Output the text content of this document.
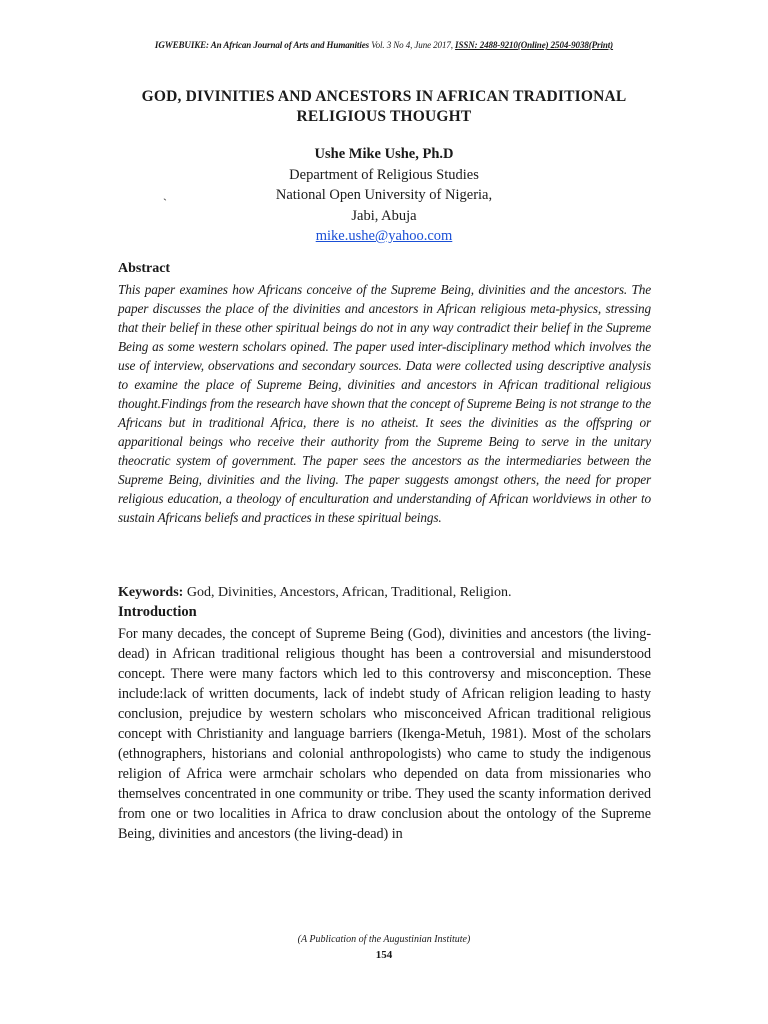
IGWEBUIKE: An African Journal of Arts and Humanities Vol. 3 No 4, June 2017, ISSN: 2488-9210(Online) 2504-9038(Print)
GOD, DIVINITIES AND ANCESTORS IN AFRICAN TRADITIONAL RELIGIOUS THOUGHT
`
Ushe Mike Ushe, Ph.D
Department of Religious Studies
National Open University of Nigeria,
Jabi, Abuja
mike.ushe@yahoo.com
Abstract
This paper examines how Africans conceive of the Supreme Being, divinities and the ancestors. The paper discusses the place of the divinities and ancestors in African religious meta-physics, stressing that their belief in these other spiritual beings do not in any way contradict their belief in the Supreme Being as some western scholars opined. The paper used inter-disciplinary method which involves the use of interview, observations and secondary sources. Data were collected using descriptive analysis to examine the place of Supreme Being, divinities and ancestors in African traditional religious thought.Findings from the research have shown that the concept of Supreme Being is not strange to the Africans but in traditional Africa, there is no atheist. It sees the divinities as the offspring or apparitional beings who receive their authority from the Supreme Being to serve in the unitary theocratic system of government. The paper sees the ancestors as the intermediaries between the Supreme Being, divinities and the living. The paper suggests amongst others, the need for proper religious education, a theology of enculturation and understanding of African worldviews in other to sustain Africans beliefs and practices in these spiritual beings.
Keywords: God, Divinities, Ancestors, African, Traditional, Religion.
Introduction
For many decades, the concept of Supreme Being (God), divinities and ancestors (the living-dead) in African traditional religious thought has been a controversial and misunderstood concept. There were many factors which led to this controversy and misconception. These include:lack of written documents, lack of indebt study of African religion leading to hasty conclusion, prejudice by western scholars who misconceived African traditional religious concept with Christianity and language barriers (Ikenga-Metuh, 1981). Most of the scholars (ethnographers, historians and colonial anthropologists) who came to study the indigenous religion of Africa were armchair scholars who depended on data from missionaries who themselves concentrated in one community or tribe. They used the scanty information derived from one or two localities in Africa to draw conclusion about the ontology of the Supreme Being, divinities and ancestors (the living-dead) in
(A Publication of the Augustinian Institute)
154
